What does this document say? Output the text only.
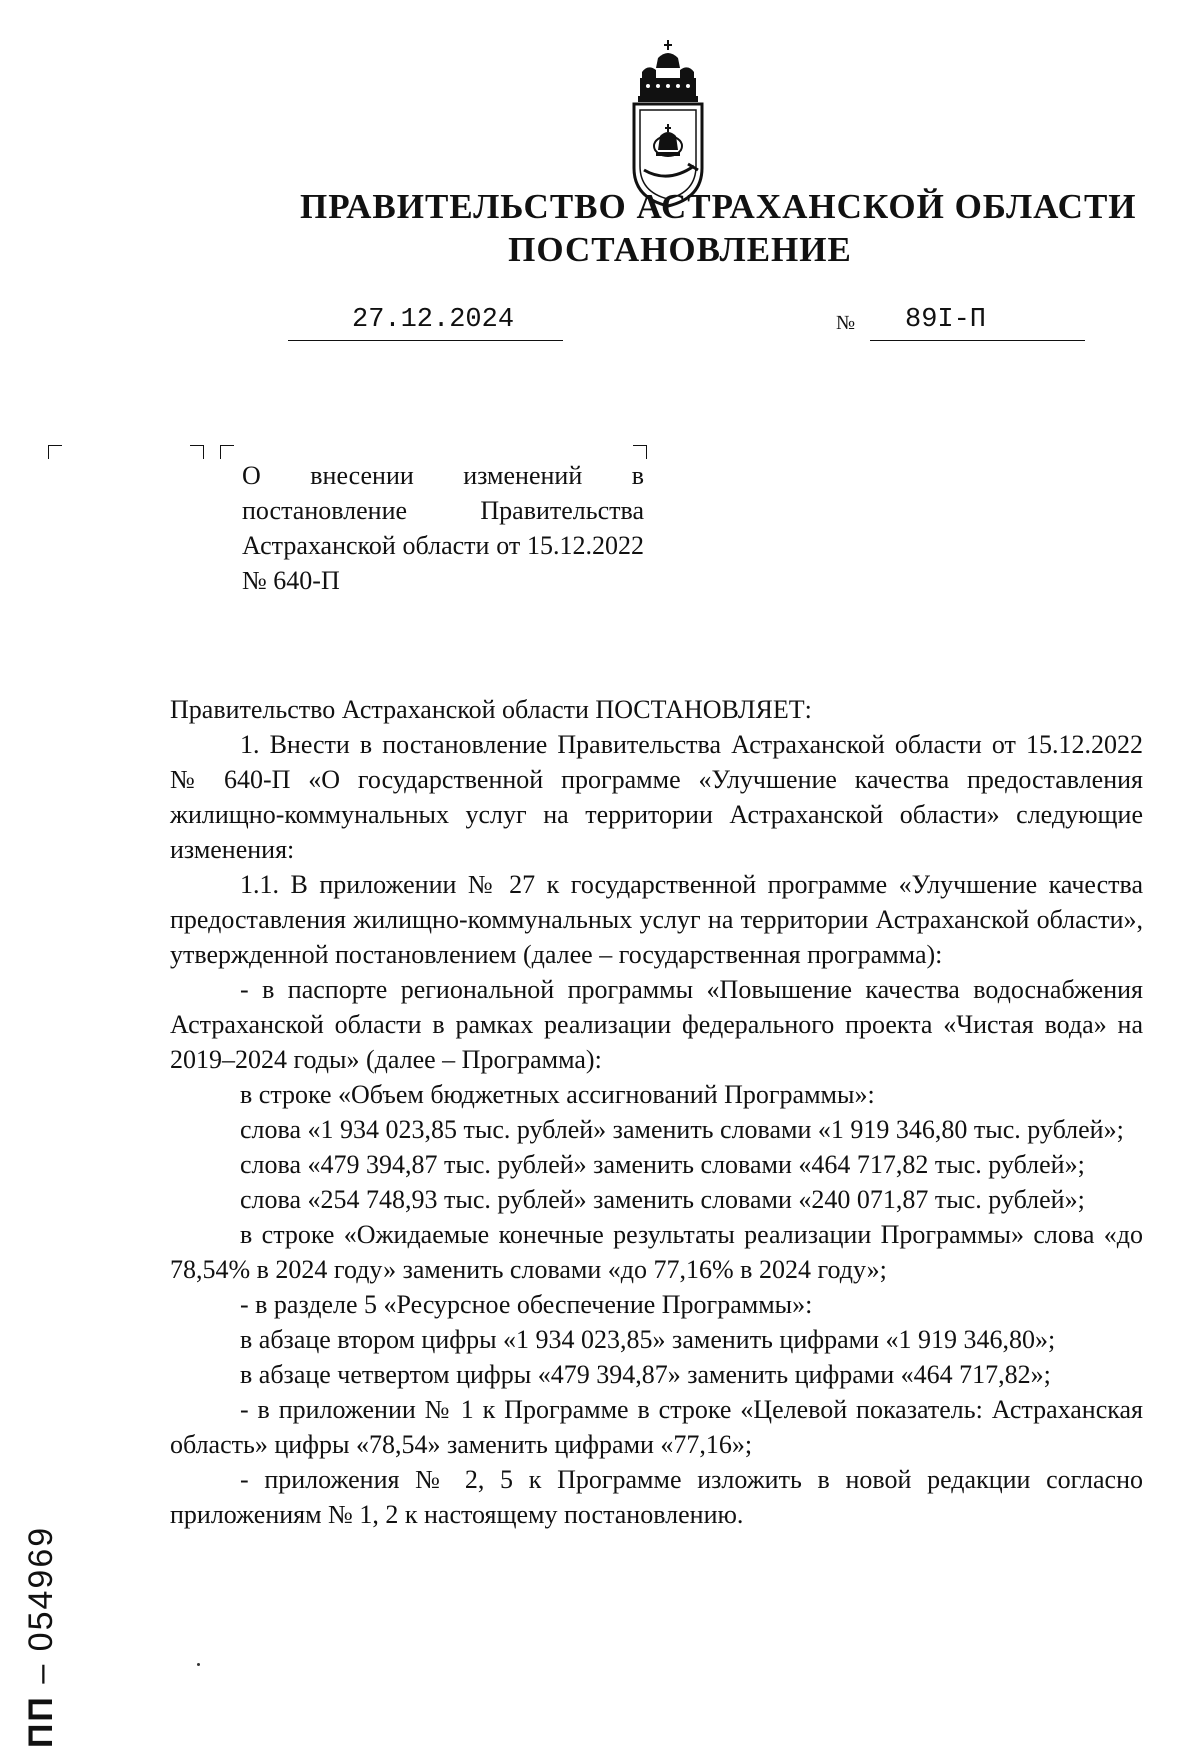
ПРАВИТЕЛЬСТВО АСТРАХАНСКОЙ ОБЛАСТИ
ПОСТАНОВЛЕНИЕ
27.12.2024	№ 89I-П
О внесении изменений в постановление Правительства Астраханской области от 15.12.2022 № 640-П

Правительство Астраханской области ПОСТАНОВЛЯЕТ:

1. Внести в постановление Правительства Астраханской области от 15.12.2022 № 640-П «О государственной программе «Улучшение качества предоставления жилищно-коммунальных услуг на территории Астраханской области» следующие изменения:

1.1. В приложении № 27 к государственной программе «Улучшение качества предоставления жилищно-коммунальных услуг на территории Астраханской области», утвержденной постановлением (далее – государственная программа):

- в паспорте региональной программы «Повышение качества водоснабжения Астраханской области в рамках реализации федерального проекта «Чистая вода» на 2019–2024 годы» (далее – Программа):

в строке «Объем бюджетных ассигнований Программы»:

слова «1 934 023,85 тыс. рублей» заменить словами «1 919 346,80 тыс. рублей»;

слова «479 394,87 тыс. рублей» заменить словами «464 717,82 тыс. рублей»;

слова «254 748,93 тыс. рублей» заменить словами «240 071,87 тыс. рублей»;

в строке «Ожидаемые конечные результаты реализации Программы» слова «до 78,54% в 2024 году» заменить словами «до 77,16% в 2024 году»;

- в разделе 5 «Ресурсное обеспечение Программы»:

в абзаце втором цифры «1 934 023,85» заменить цифрами «1 919 346,80»;

в абзаце четвертом цифры «479 394,87» заменить цифрами «464 717,82»;

- в приложении № 1 к Программе в строке «Целевой показатель: Астраханская область» цифры «78,54» заменить цифрами «77,16»;

- приложения № 2, 5 к Программе изложить в новой редакции согласно приложениям № 1, 2 к настоящему постановлению.

ПП – 054969
